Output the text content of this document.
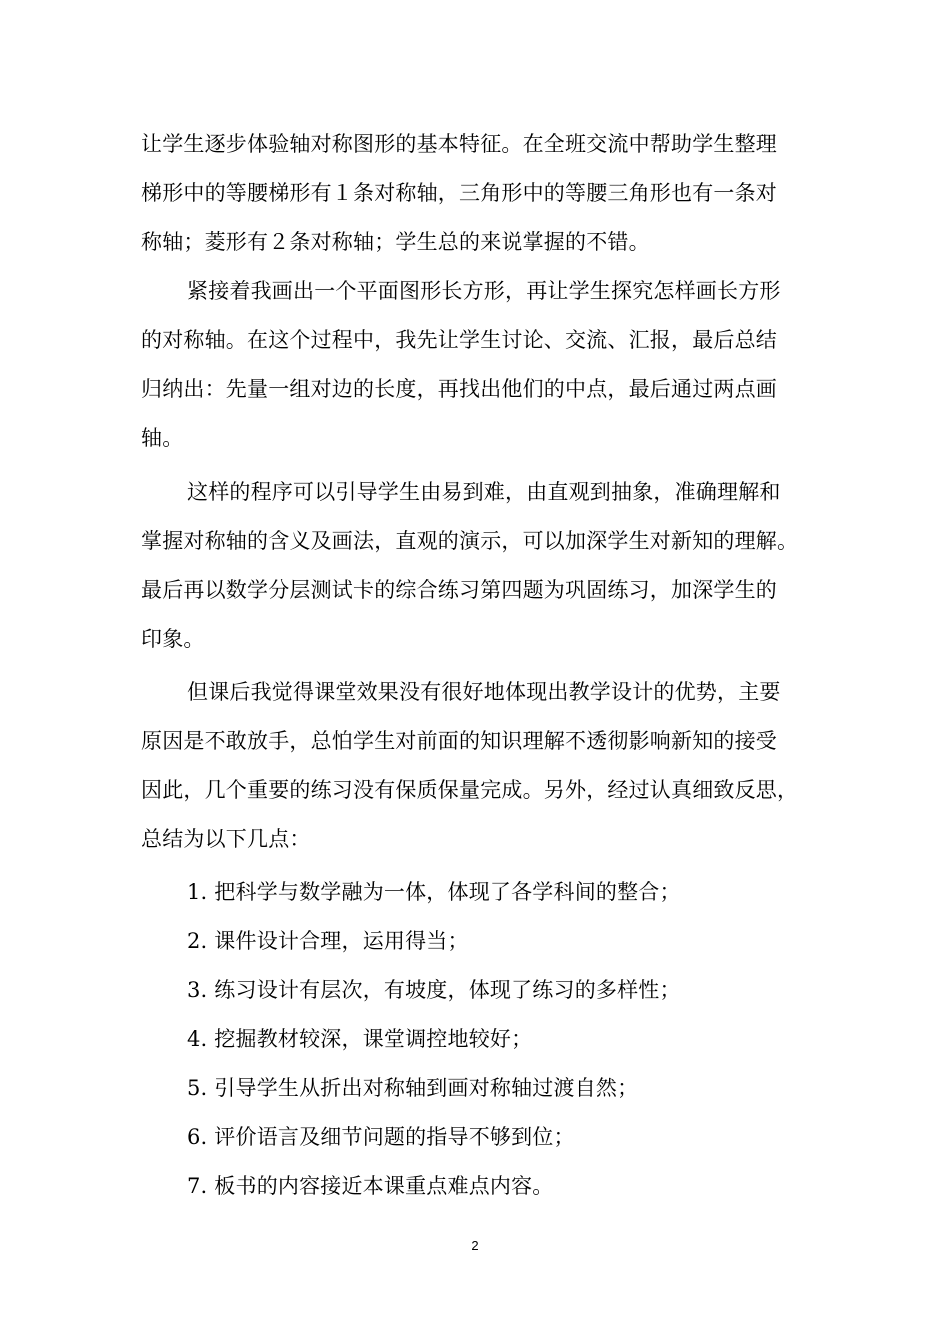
让学生逐步体验轴对称图形的基本特征。在全班交流中帮助学生整理
梯形中的等腰梯形有１条对称轴，三角形中的等腰三角形也有一条对
称轴；菱形有２条对称轴；学生总的来说掌握的不错。
紧接着我画出一个平面图形长方形，再让学生探究怎样画长方形
的对称轴。在这个过程中，我先让学生讨论、交流、汇报，最后总结
归纳出：先量一组对边的长度，再找出他们的中点，最后通过两点画
轴。
这样的程序可以引导学生由易到难，由直观到抽象，准确理解和
掌握对称轴的含义及画法，直观的演示，可以加深学生对新知的理解。
最后再以数学分层测试卡的综合练习第四题为巩固练习，加深学生的
印象。
但课后我觉得课堂效果没有很好地体现出教学设计的优势，主要
原因是不敢放手，总怕学生对前面的知识理解不透彻影响新知的接受
因此，几个重要的练习没有保质保量完成。另外，经过认真细致反思，
总结为以下几点：
1. 把科学与数学融为一体，体现了各学科间的整合；
2. 课件设计合理，运用得当；
3. 练习设计有层次，有坡度，体现了练习的多样性；
4. 挖掘教材较深，课堂调控地较好；
5. 引导学生从折出对称轴到画对称轴过渡自然；
6. 评价语言及细节问题的指导不够到位；
7. 板书的内容接近本课重点难点内容。
2
